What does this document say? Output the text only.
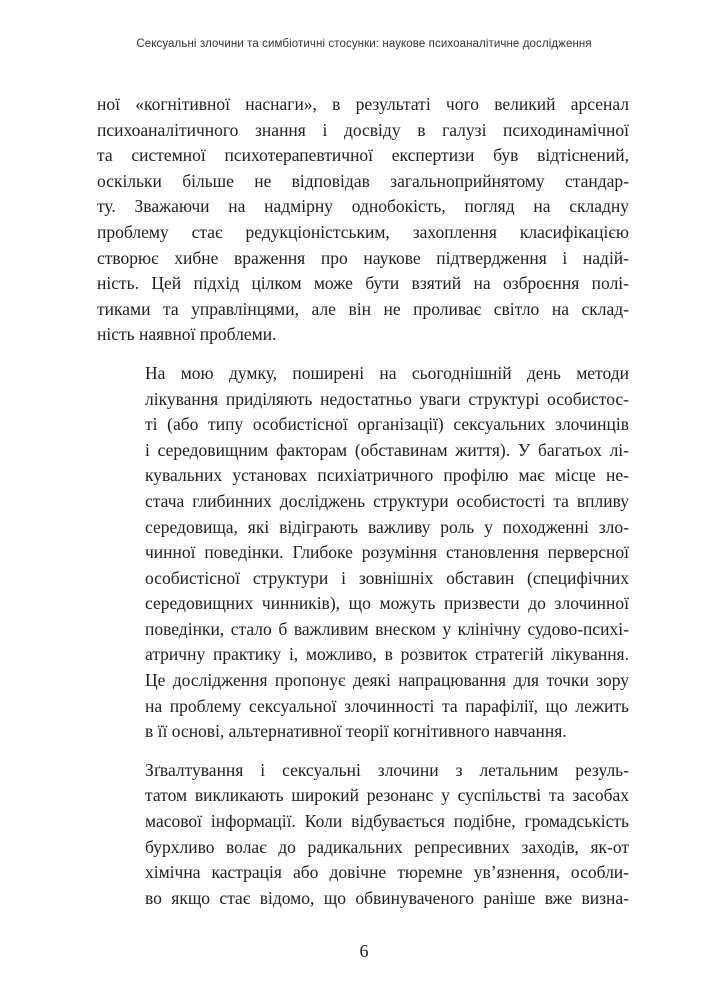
Сексуальні злочини та симбіотичні стосунки: наукове психоаналітичне дослідження

ної «когнітивної наснаги», в результаті чого великий арсенал
психоаналітичного знання і досвіду в галузі психодинамічної
та системної психотерапевтичної експертизи був відтіснений,
оскільки більше не відповідав загальноприйнятому стандар-
ту. Зважаючи на надмірну однобокість, погляд на складну
проблему стає редукціоністським, захоплення класифікацією
створює хибне враження про наукове підтвердження і надій-
ність. Цей підхід цілком може бути взятий на озброєння полі-
тиками та управлінцями, але він не проливає світло на склад-
ність наявної проблеми.

На мою думку, поширені на сьогоднішній день методи
лікування приділяють недостатньо уваги структурі особистос-
ті (або типу особистісної організації) сексуальних злочинців
і середовищним факторам (обставинам життя). У багатьох лі-
кувальних установах психіатричного профілю має місце не-
стача глибинних досліджень структури особистості та впливу
середовища, які відіграють важливу роль у походженні зло-
чинної поведінки. Глибоке розуміння становлення перверсної
особистісної структури і зовнішніх обставин (специфічних
середовищних чинників), що можуть призвести до злочинної
поведінки, стало б важливим внеском у клінічну судово-психі-
атричну практику і, можливо, в розвиток стратегій лікування.
Це дослідження пропонує деякі напрацювання для точки зору
на проблему сексуальної злочинності та парафілії, що лежить
в її основі, альтернативної теорії когнітивного навчання.

Зґвалтування і сексуальні злочини з летальним резуль-
татом викликають широкий резонанс у суспільстві та засобах
масової інформації. Коли відбувається подібне, громадськість
бурхливо волає до радикальних репресивних заходів, як-от
хімічна кастрація або довічне тюремне ув’язнення, особли-
во якщо стає відомо, що обвинуваченого раніше вже визна-

6
